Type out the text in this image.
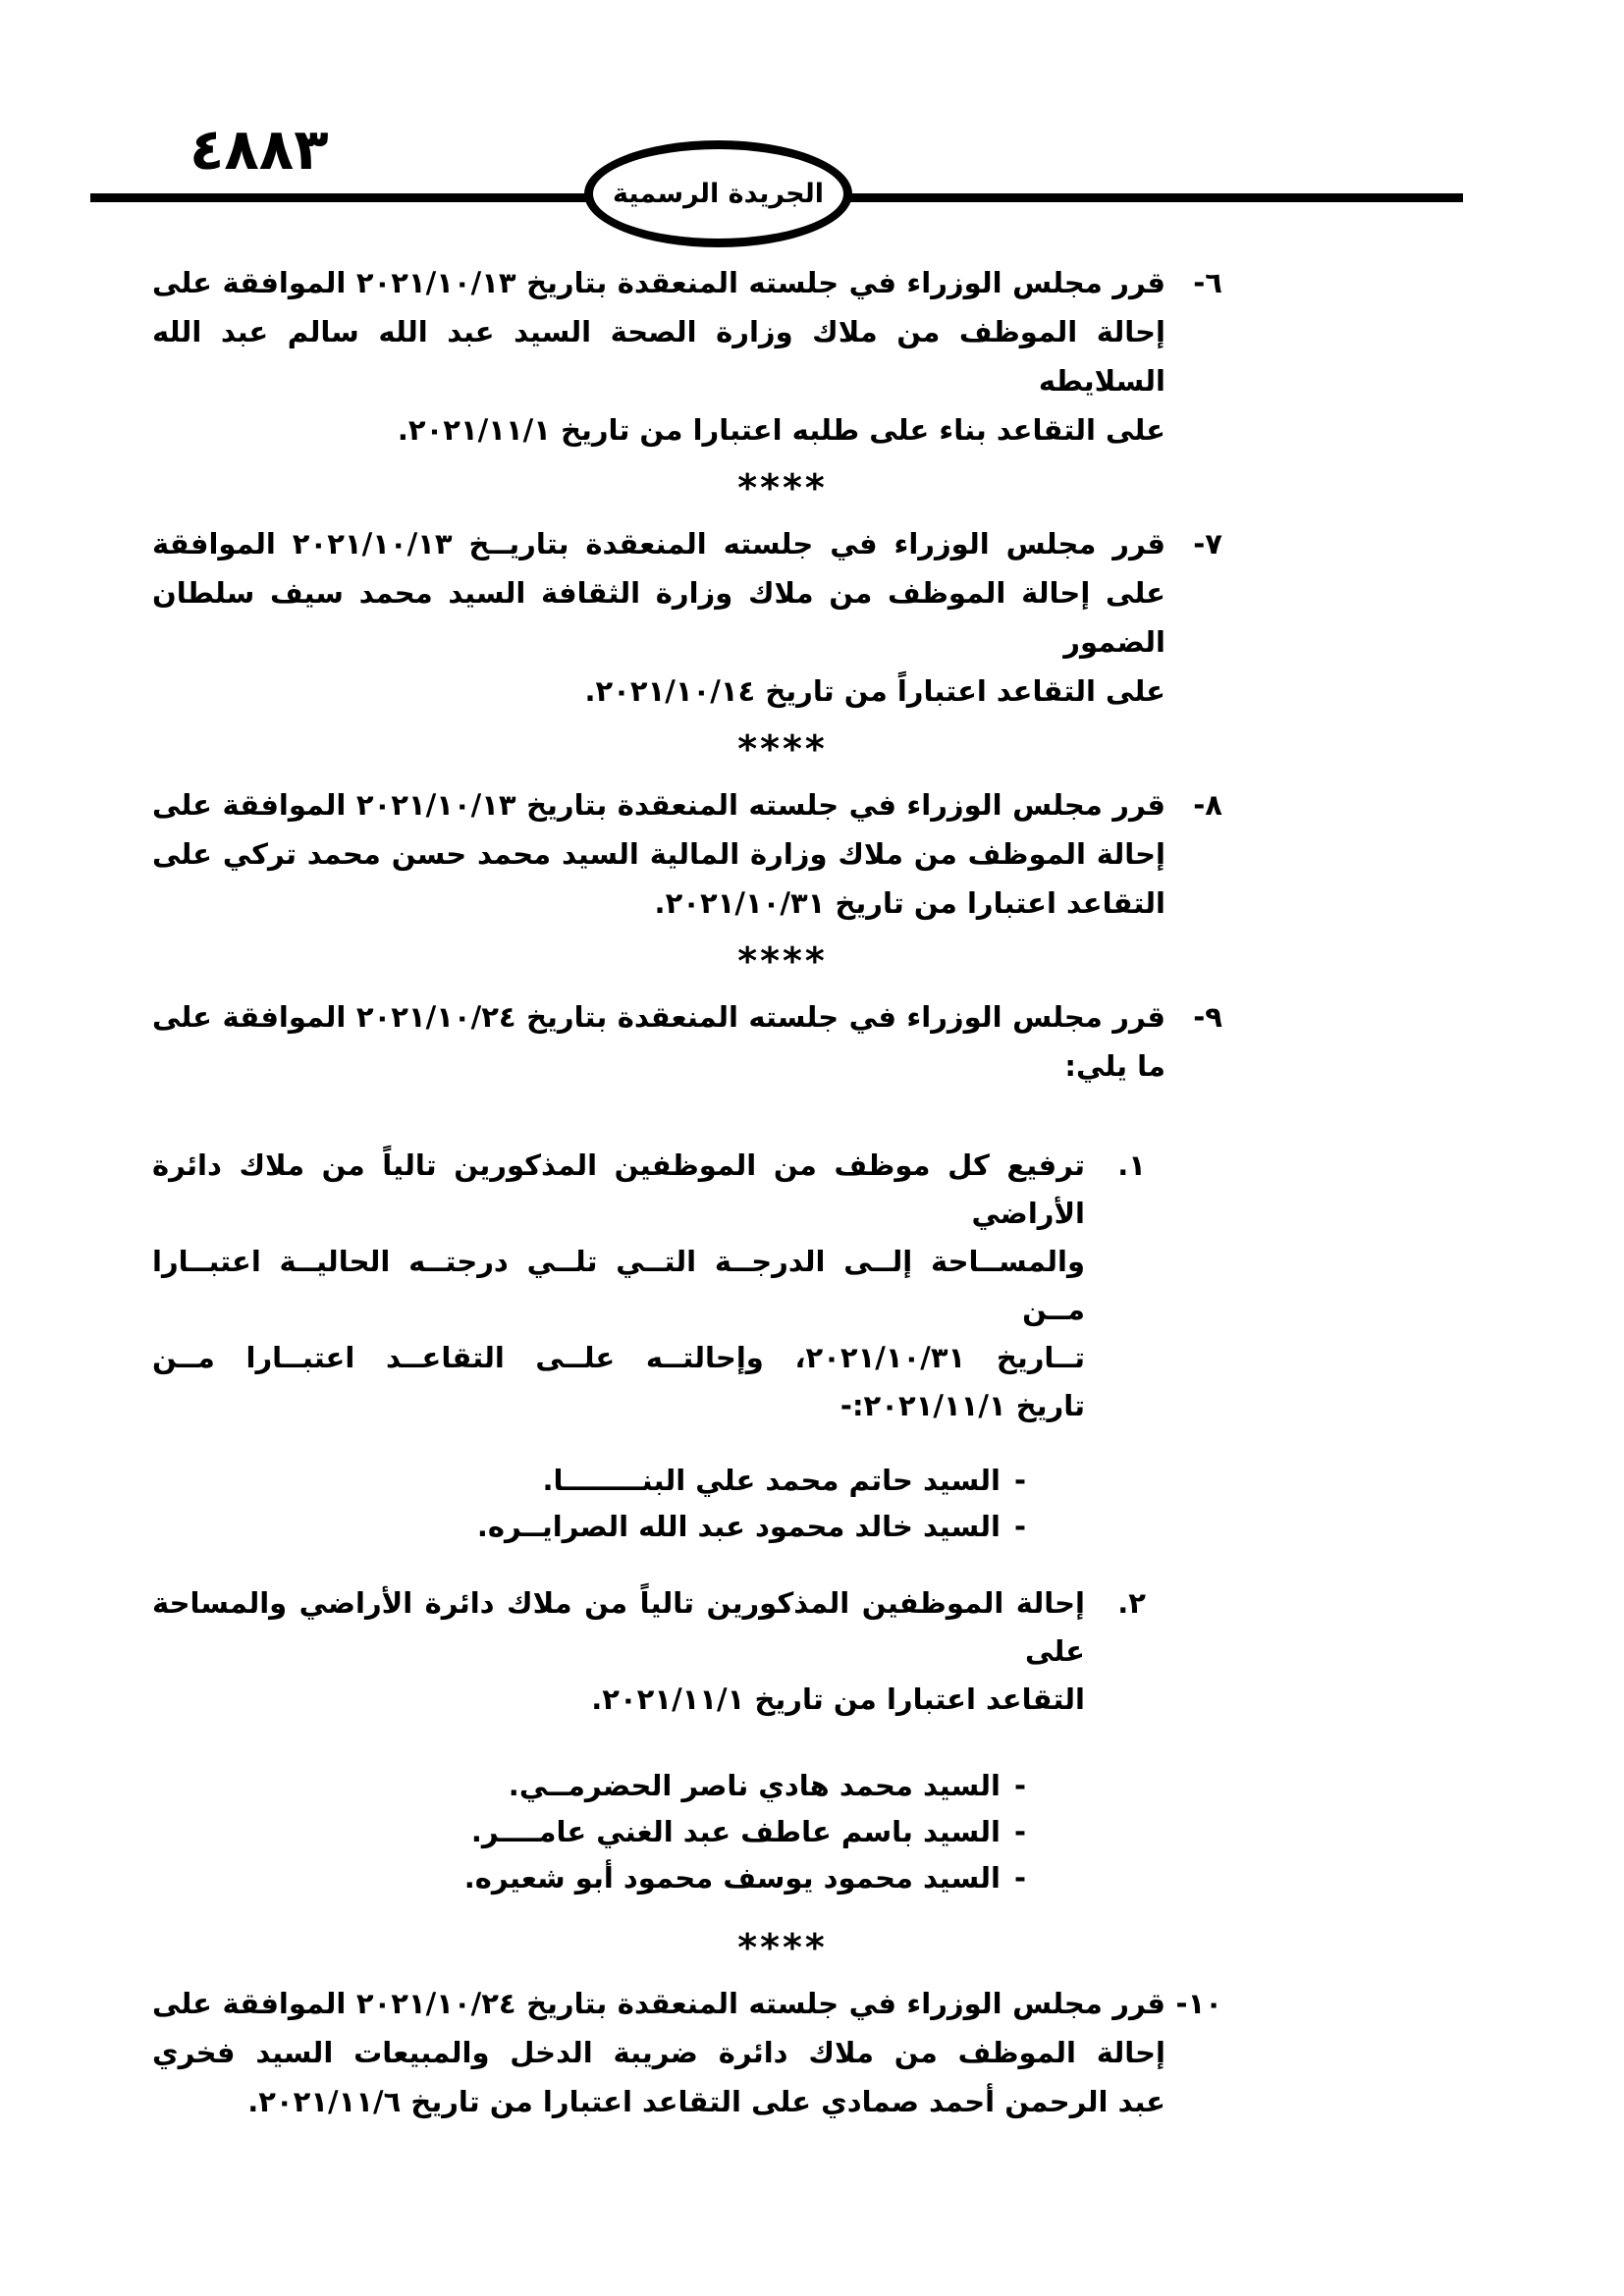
٤٨٨٣
الجريدة الرسمية
٦-
قرر مجلس الوزراء في جلسته المنعقدة بتاريخ ٢٠٢١/١٠/١٣ الموافقة على
إحالة الموظف من ملاك وزارة الصحة السيد عبد الله سالم عبد الله السلايطه
على التقاعد بناء على طلبه اعتبارا من تاريخ ٢٠٢١/١١/١.
****
٧-
قرر مجلس الوزراء في جلسته المنعقدة بتاريــخ ٢٠٢١/١٠/١٣ الموافقة
على إحالة الموظف من ملاك وزارة الثقافة السيد محمد سيف سلطان الضمور
على التقاعد اعتباراً من تاريخ ٢٠٢١/١٠/١٤.
****
٨-
قرر مجلس الوزراء في جلسته المنعقدة بتاريخ ٢٠٢١/١٠/١٣ الموافقة على
إحالة الموظف من ملاك وزارة المالية السيد محمد حسن محمد تركي على
التقاعد اعتبارا من تاريخ ٢٠٢١/١٠/٣١.
****
٩-
قرر مجلس الوزراء في جلسته المنعقدة بتاريخ ٢٠٢١/١٠/٢٤ الموافقة على
ما يلي:
١.
ترفيع كل موظف من الموظفين المذكورين تالياً من ملاك دائرة الأراضي
والمســاحة إلــى الدرجــة التــي تلــي درجتــه الحاليــة اعتبــارا مــن
تــاريخ ٢٠٢١/١٠/٣١، وإحالتــه علــى التقاعــد اعتبــارا مــن
تاريخ ٢٠٢١/١١/١:-
-
السيد حاتم محمد علي البنــــــــا.
-
السيد خالد محمود عبد الله الصرايــره.
٢.
إحالة الموظفين المذكورين تالياً من ملاك دائرة الأراضي والمساحة على
التقاعد اعتبارا من تاريخ ٢٠٢١/١١/١.
-
السيد محمد هادي ناصر الحضرمــي.
-
السيد باسم عاطف عبد الغني عامــــر.
-
السيد محمود يوسف محمود أبو شعيره.
****
١٠-
قرر مجلس الوزراء في جلسته المنعقدة بتاريخ ٢٠٢١/١٠/٢٤ الموافقة على
إحالة الموظف من ملاك دائرة ضريبة الدخل والمبيعات السيد فخري
عبد الرحمن أحمد صمادي على التقاعد اعتبارا من تاريخ ٢٠٢١/١١/٦.
